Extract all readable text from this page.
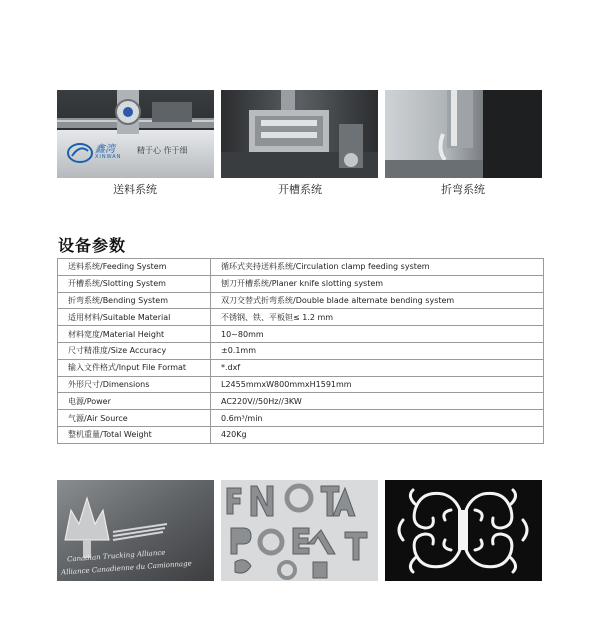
鑫湾
XINWAN
精于心 作于细
送料系统	开槽系统	折弯系统
设备参数
送料系统/Feeding System	循环式夹持送料系统/Circulation clamp feeding system
开槽系统/Slotting System	刨刀开槽系统/Planer knife slotting system
折弯系统/Bending System	双刀交替式折弯系统/Double blade alternate bending system
适用材料/Suitable Material	不锈钢、铁、平板钽≤ 1.2 mm
材料宽度/Material Height	10~80mm
尺寸精准度/Size Accuracy	±0.1mm
输入文件格式/Input File Format	*.dxf
外形尺寸/Dimensions	L2455mmxW800mmxH1591mm
电源/Power	AC220V//50Hz//3KW
气源/Air Source	0.6m³/min
整机重量/Total Weight	420Kg
Canadian Trucking Alliance
Alliance Canadienne du Camionnage
